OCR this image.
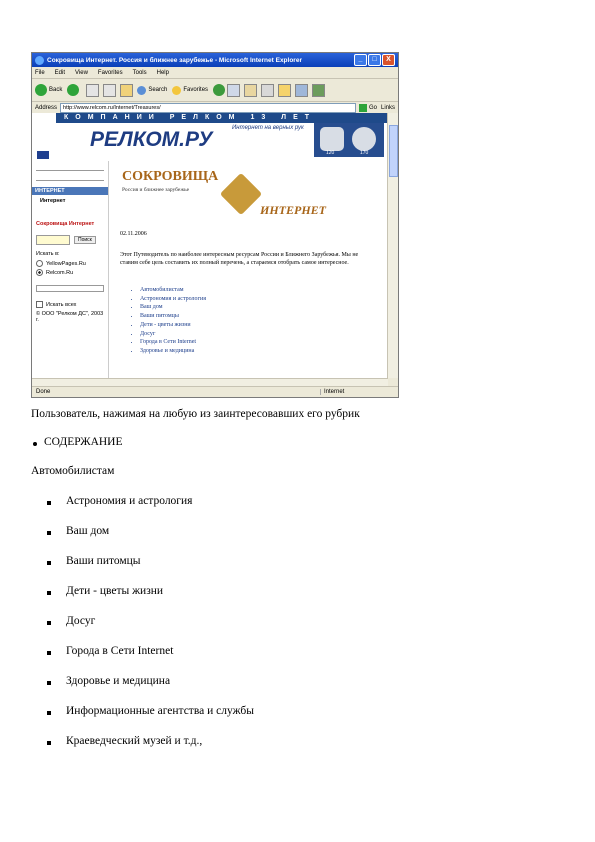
Сокровища Интернет. Россия и ближнее зарубежье - Microsoft Internet Explorer	_	□	X
File Edit View Favorites Tools Help
Back	Search	Favorites
Address	http://www.relcom.ru/Internet/Treasures/	Go Links
КОМПАНИИ РЕЛКОМ 13 ЛЕТ
РЕЛКОМ.РУ	Интернет на верных рук
120	170
ИНТЕРНЕТ
Интернет
Сокровища Интернет
Поиск
Искать в:
YellowPages.Ru
Relcom.Ru
Искать всех
© ООО "Релком ДС", 2003 г.
СОКРОВИЩА
Россия и ближнее зарубежье
ИНТЕРНЕТ
02.11.2006
Этот Путеводитель по наиболее интересным ресурсам России и Ближнего Зарубежья. Мы не ставим себе цель составить их полный перечень, а стараемся отобрать самое интересное.
• Автомобилистам
• Астрономия и астрология
• Ваш дом
• Ваши питомцы
• Дети - цветы жизни
• Досуг
• Города в Сети Internet
• Здоровье и медицина
Done	Internet
Пользователь, нажимая на любую из заинтересовавших его рубрик
СОДЕРЖАНИЕ
Автомобилистам
Астрономия и астрология
Ваш дом
Ваши питомцы
Дети - цветы жизни
Досуг
Города в Сети Internet
Здоровье и медицина
Информационные агентства и службы
Краеведческий музей и т.д.,
